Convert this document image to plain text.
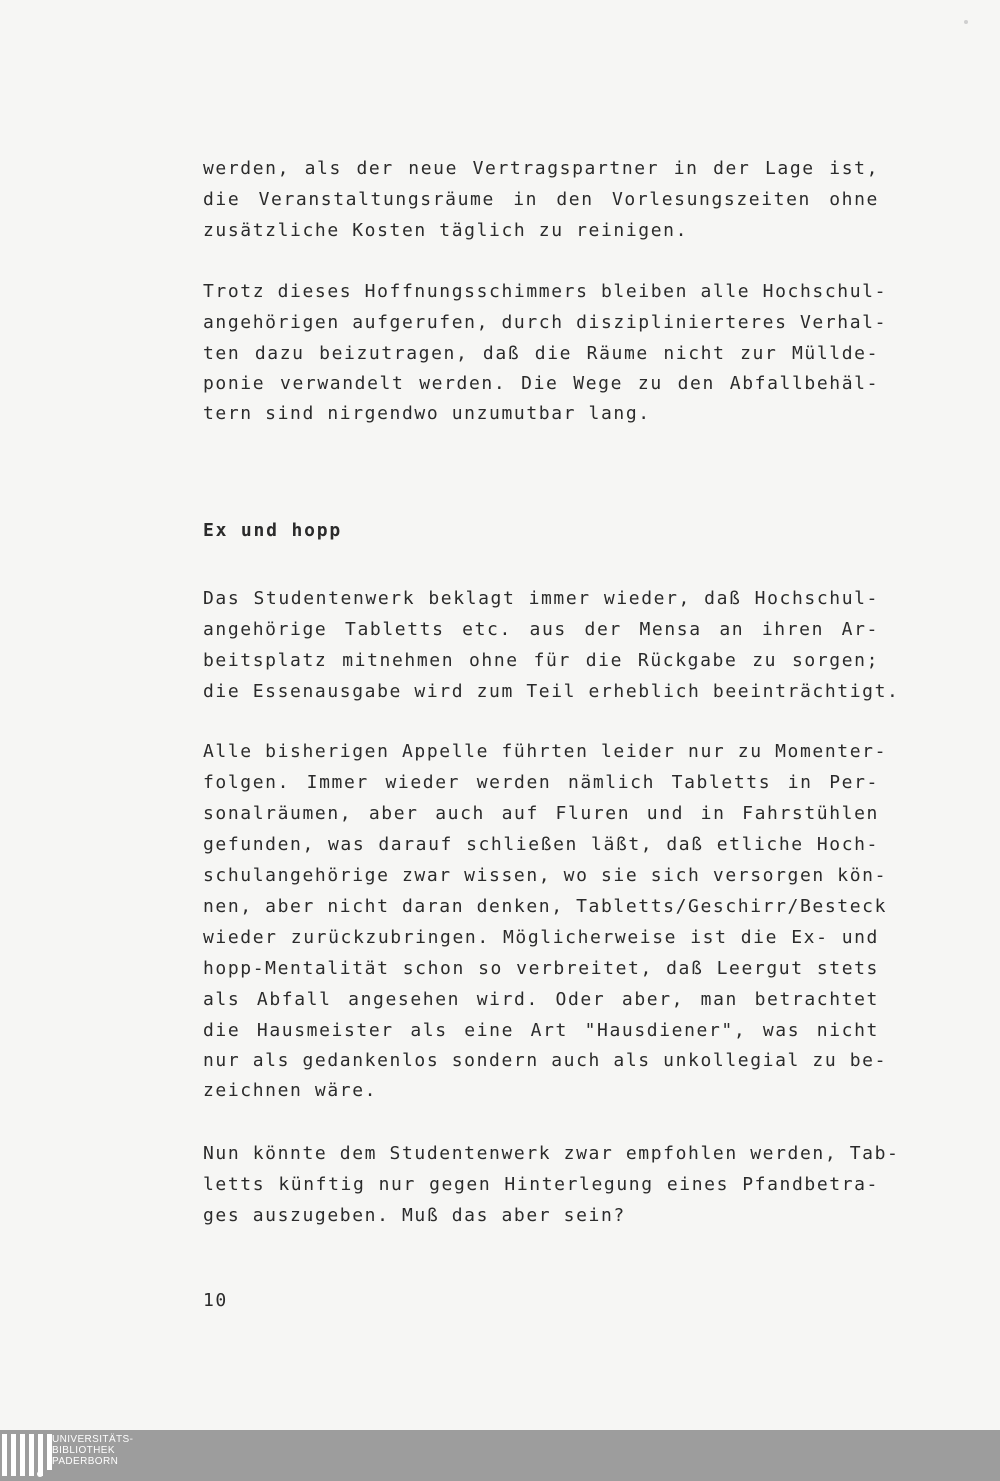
werden, als der neue Vertragspartner in der Lage ist,
die Veranstaltungsräume in den Vorlesungszeiten ohne
zusätzliche Kosten täglich zu reinigen.
Trotz dieses Hoffnungsschimmers bleiben alle Hochschul-
angehörigen aufgerufen, durch disziplinierteres Verhal-
ten dazu beizutragen, daß die Räume nicht zur Mülldе-
ponie verwandelt werden. Die Wege zu den Abfallbehäl-
tern sind nirgendwo unzumutbar lang.
Ex und hopp
Das Studentenwerk beklagt immer wieder, daß Hochschul-
angehörige Tabletts etc. aus der Mensa an ihren Ar-
beitsplatz mitnehmen ohne für die Rückgabe zu sorgen;
die Essenausgabe wird zum Teil erheblich beeinträchtigt.
Alle bisherigen Appelle führten leider nur zu Momenter-
folgen. Immer wieder werden nämlich Tabletts in Per-
sonalräumen, aber auch auf Fluren und in Fahrstühlen
gefunden, was darauf schließen läßt, daß etliche Hoch-
schulangehörige zwar wissen, wo sie sich versorgen kön-
nen, aber nicht daran denken, Tabletts/Geschirr/Besteck
wieder zurückzubringen. Möglicherweise ist die Ex- und
hopp-Mentalität schon so verbreitet, daß Leergut stets
als Abfall angesehen wird. Oder aber, man betrachtet
die Hausmeister als eine Art "Hausdiener", was nicht
nur als gedankenlos sondern auch als unkollegial zu be-
zeichnen wäre.
Nun könnte dem Studentenwerk zwar empfohlen werden, Tab-
letts künftig nur gegen Hinterlegung eines Pfandbetra-
ges auszugeben. Muß das aber sein?
10
UNIVERSITÄTS-
BIBLIOTHEK
PADERBORN
